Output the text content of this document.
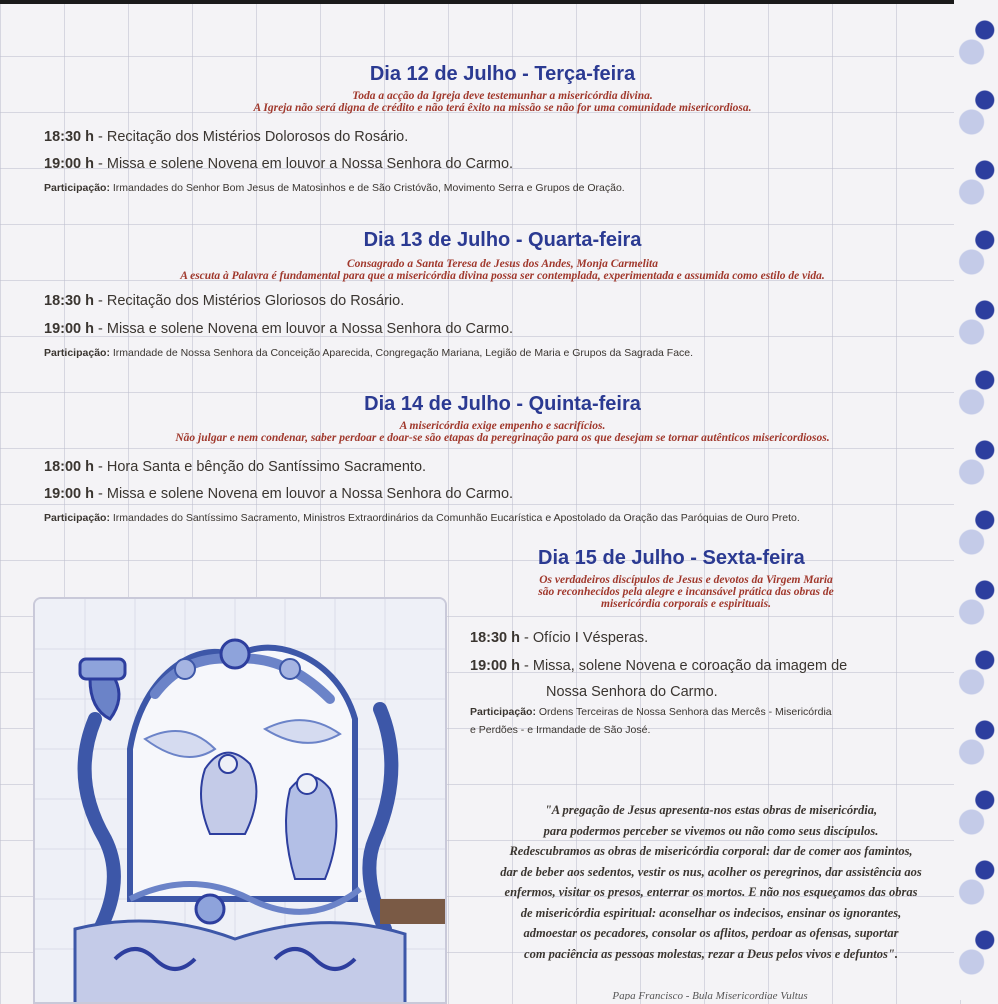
Dia 12 de Julho - Terça-feira
Toda a acção da Igreja deve testemunhar a misericórdia divina.
A Igreja não será digna de crédito e não terá êxito na missão se não for uma comunidade misericordiosa.
18:30 h - Recitação dos Mistérios Dolorosos do Rosário.
19:00 h - Missa e solene Novena em louvor a Nossa Senhora do Carmo.
Participação: Irmandades do Senhor Bom Jesus de Matosinhos e de São Cristóvão, Movimento Serra e Grupos de Oração.
Dia 13 de Julho - Quarta-feira
Consagrado a Santa Teresa de Jesus dos Andes, Monja Carmelita
A escuta à Palavra é fundamental para que a misericórdia divina possa ser contemplada, experimentada e assumida como estilo de vida.
18:30 h - Recitação dos Mistérios Gloriosos do Rosário.
19:00 h - Missa e solene Novena em louvor a Nossa Senhora do Carmo.
Participação: Irmandade de Nossa Senhora da Conceição Aparecida, Congregação Mariana, Legião de Maria e Grupos da Sagrada Face.
Dia 14 de Julho - Quinta-feira
A misericórdia exige empenho e sacrifícios.
Não julgar e nem condenar, saber perdoar e doar-se são etapas da peregrinação para os que desejam se tornar autênticos misericordiosos.
18:00 h - Hora Santa e bênção do Santíssimo Sacramento.
19:00 h - Missa e solene Novena em louvor a Nossa Senhora do Carmo.
Participação: Irmandades do Santíssimo Sacramento, Ministros Extraordinários da Comunhão Eucarística e Apostolado da Oração das Paróquias de Ouro Preto.
Dia 15 de Julho - Sexta-feira
Os verdadeiros discípulos de Jesus e devotos da Virgem Maria
são reconhecidos pela alegre e incansável prática das obras de
misericórdia corporais e espirituais.
18:30 h - Ofício I Vésperas.
19:00 h - Missa, solene Novena e coroação da imagem de
Nossa Senhora do Carmo.
Participação: Ordens Terceiras de Nossa Senhora das Mercês - Misericórdia
e Perdões - e Irmandade de São José.
"A pregação de Jesus apresenta-nos estas obras de misericórdia,
para podermos perceber se vivemos ou não como seus discípulos.
Redescubramos as obras de misericórdia corporal: dar de comer aos famintos,
dar de beber aos sedentos, vestir os nus, acolher os peregrinos, dar assistência aos
enfermos, visitar os presos, enterrar os mortos. E não nos esqueçamos das obras
de misericórdia espiritual: aconselhar os indecisos, ensinar os ignorantes,
admoestar os pecadores, consolar os aflitos, perdoar as ofensas, suportar
com paciência as pessoas molestas, rezar a Deus pelos vivos e defuntos".
Papa Francisco - Bula Misericordiae Vultus
